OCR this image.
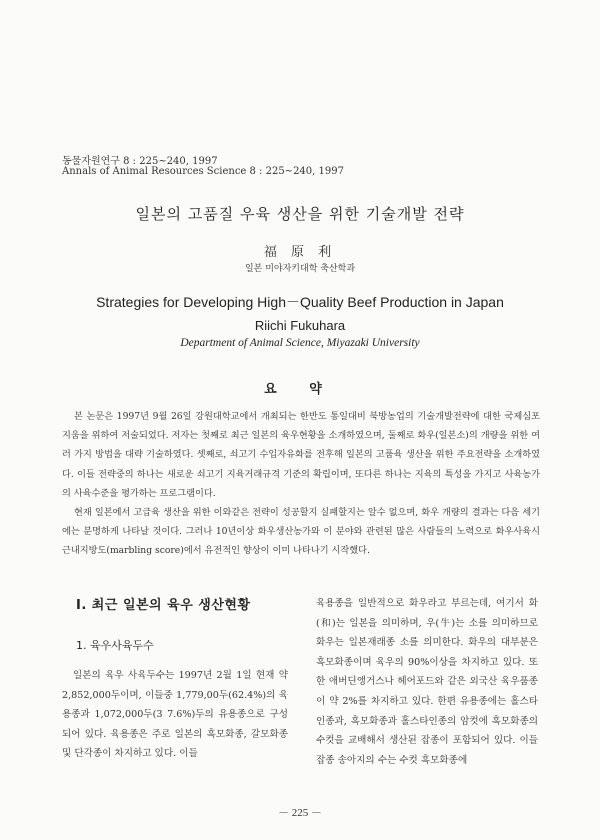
동물자원연구 8 : 225~240, 1997
Annals of Animal Resources Science 8 : 225~240, 1997
일본의 고품질 우육 생산을 위한 기술개발 전략
福 原 利
일본 미야자키대학 축산학과
Strategies for Developing High－Quality Beef Production in Japan
Riichi Fukuhara
Department of Animal Science, Miyazaki University
요 약

본 논문은 1997년 9월 26일 강원대학교에서 개최되는 한반도 통일대비 북방농업의 기술개발전략에 대한 국제심포지움을 위하여 저술되었다. 저자는 첫째로 최근 일본의 육우현황을 소개하였으며, 둘째로 화우(일본소)의 개량을 위한 여러 가지 방법을 대략 기술하였다. 셋째로, 쇠고기 수입자유화를 전후해 일본의 고품육 생산을 위한 주요전략을 소개하였다. 이들 전략중의 하나는 새로운 쇠고기 지육거래규격 기준의 확립이며, 또다른 하나는 지육의 특성을 가지고 사육농가의 사육수준을 평가하는 프로그램이다.

현재 일본에서 고급육 생산을 위한 이와같은 전략이 성공할지 실패할지는 알수 없으며, 화우 개량의 결과는 다음 세기에는 분명하게 나타날 것이다. 그러나 10년이상 화우생산농가와 이 분야와 관련된 많은 사람들의 노력으로 화우사육시 근내지방도(marbling score)에서 유전적인 향상이 이미 나타나기 시작했다.

Ⅰ. 최근 일본의 육우 생산현황
1. 육우사육두수

일본의 육우 사육두수는 1997년 2월 1일 현재 약 2,852,000두이며, 이들중 1,779,00두(62.4%)의 육용종과 1,072,000두(3 7.6%)두의 유용종으로 구성되어 있다. 육용종은 주로 일본의 흑모화종, 갈모화종 및 단각종이 차지하고 있다. 이들

육용종을 일반적으로 화우라고 부르는데, 여기서 화(和)는 일본을 의미하며, 우(牛)는 소를 의미하므로 화우는 일본재래종 소를 의미한다. 화우의 대부분은 흑모화종이며 육우의 90%이상을 차지하고 있다. 또한 애버딘앵거스나 헤어포드와 같은 외국산 육우품종이 약 2%를 차지하고 있다. 한편 유용종에는 홀스타인종과, 흑모화종과 홀스타인종의 암컷에 흑모화종의 수컷을 교배해서 생산된 잡종이 포함되어 있다. 이들 잡종 송아지의 수는 수컷 흑모화종에

－ 225 －
